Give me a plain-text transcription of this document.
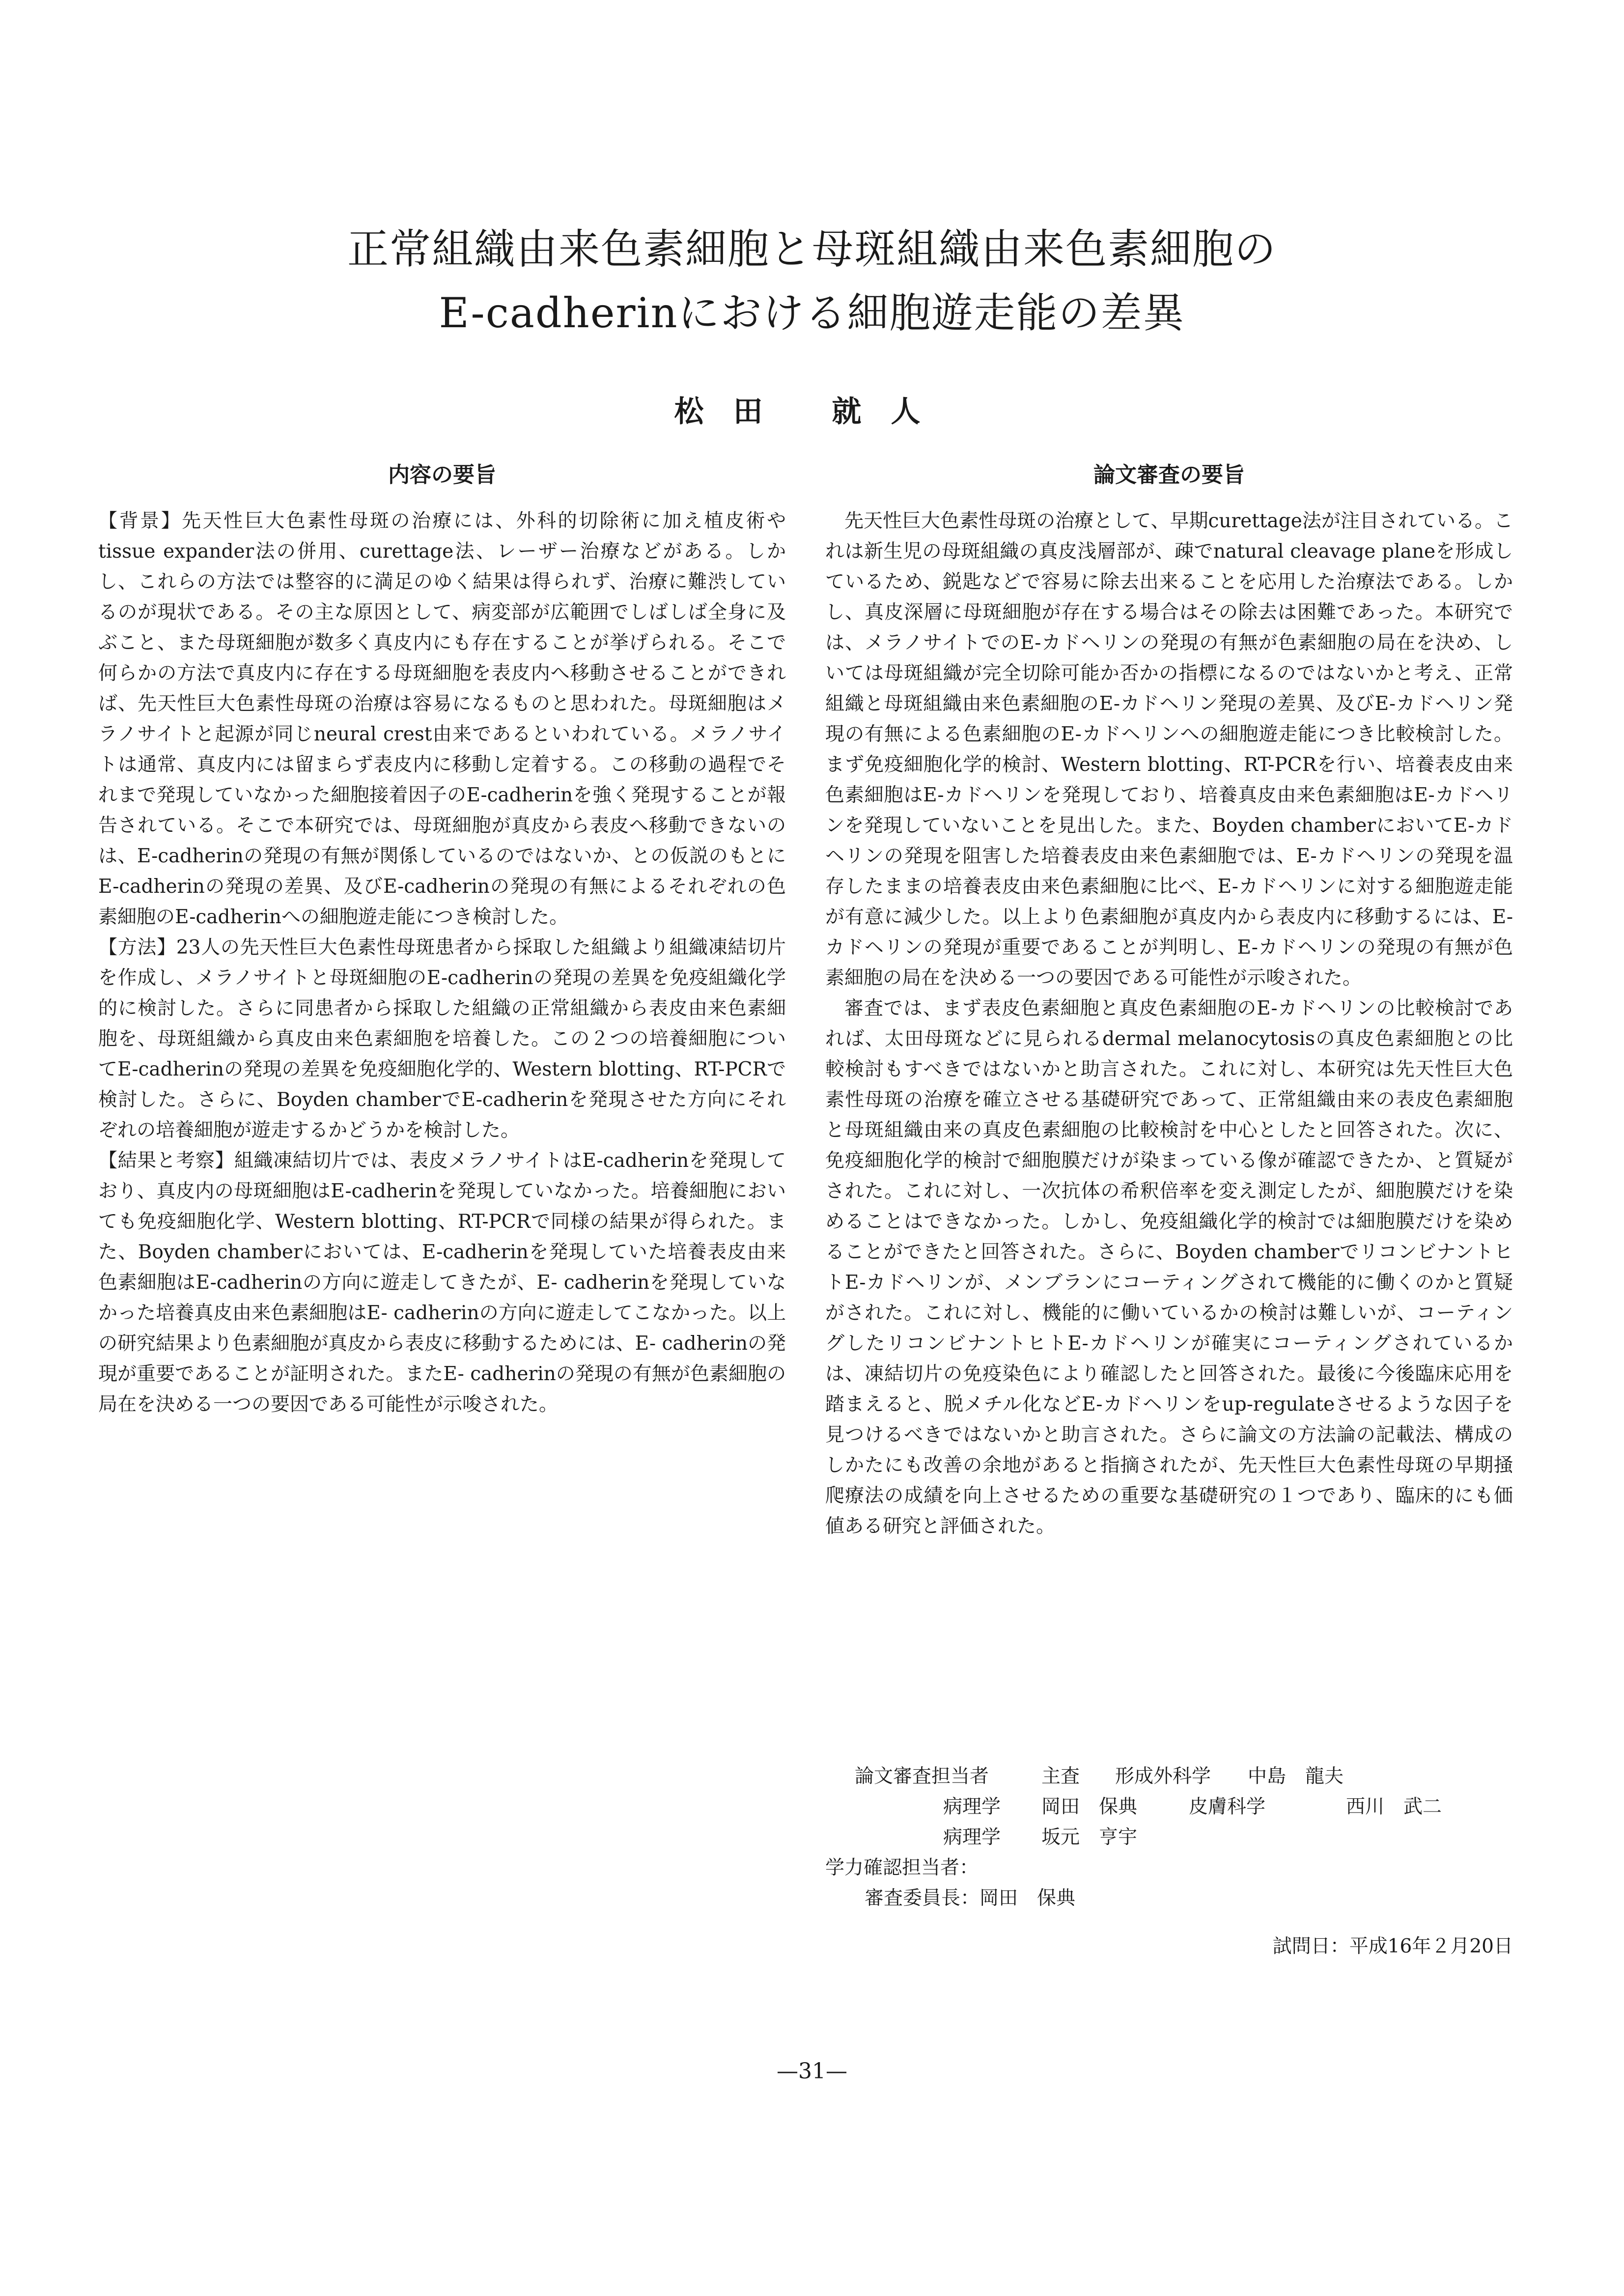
正常組織由来色素細胞と母斑組織由来色素細胞の
E-cadherinにおける細胞遊走能の差異
松田 就人
内容の要旨	論文審査の要旨

【背景】先天性巨大色素性母斑の治療には、外科的切除術に加え植皮術やtissue expander法の併用、curettage法、レーザー治療などがある。しかし、これらの方法では整容的に満足のゆく結果は得られず、治療に難渋しているのが現状である。その主な原因として、病変部が広範囲でしばしば全身に及ぶこと、また母斑細胞が数多く真皮内にも存在することが挙げられる。そこで何らかの方法で真皮内に存在する母斑細胞を表皮内へ移動させることができれば、先天性巨大色素性母斑の治療は容易になるものと思われた。母斑細胞はメラノサイトと起源が同じneural crest由来であるといわれている。メラノサイトは通常、真皮内には留まらず表皮内に移動し定着する。この移動の過程でそれまで発現していなかった細胞接着因子のE-cadherinを強く発現することが報告されている。そこで本研究では、母斑細胞が真皮から表皮へ移動できないのは、E-cadherinの発現の有無が関係しているのではないか、との仮説のもとにE-cadherinの発現の差異、及びE-cadherinの発現の有無によるそれぞれの色素細胞のE-cadherinへの細胞遊走能につき検討した。

【方法】23人の先天性巨大色素性母斑患者から採取した組織より組織凍結切片を作成し、メラノサイトと母斑細胞のE-cadherinの発現の差異を免疫組織化学的に検討した。さらに同患者から採取した組織の正常組織から表皮由来色素細胞を、母斑組織から真皮由来色素細胞を培養した。この２つの培養細胞についてE-cadherinの発現の差異を免疫細胞化学的、Western blotting、RT-PCRで検討した。さらに、Boyden chamberでE-cadherinを発現させた方向にそれぞれの培養細胞が遊走するかどうかを検討した。

【結果と考察】組織凍結切片では、表皮メラノサイトはE-cadherinを発現しており、真皮内の母斑細胞はE-cadherinを発現していなかった。培養細胞においても免疫細胞化学、Western blotting、RT-PCRで同様の結果が得られた。また、Boyden chamberにおいては、E-cadherinを発現していた培養表皮由来色素細胞はE-cadherinの方向に遊走してきたが、E- cadherinを発現していなかった培養真皮由来色素細胞はE- cadherinの方向に遊走してこなかった。以上の研究結果より色素細胞が真皮から表皮に移動するためには、E- cadherinの発現が重要であることが証明された。またE- cadherinの発現の有無が色素細胞の局在を決める一つの要因である可能性が示唆された。

先天性巨大色素性母斑の治療として、早期curettage法が注目されている。これは新生児の母斑組織の真皮浅層部が、疎でnatural cleavage planeを形成しているため、鋭匙などで容易に除去出来ることを応用した治療法である。しかし、真皮深層に母斑細胞が存在する場合はその除去は困難であった。本研究では、メラノサイトでのE-カドヘリンの発現の有無が色素細胞の局在を決め、しいては母斑組織が完全切除可能か否かの指標になるのではないかと考え、正常組織と母斑組織由来色素細胞のE-カドヘリン発現の差異、及びE-カドヘリン発現の有無による色素細胞のE-カドヘリンへの細胞遊走能につき比較検討した。まず免疫細胞化学的検討、Western blotting、RT-PCRを行い、培養表皮由来色素細胞はE-カドヘリンを発現しており、培養真皮由来色素細胞はE-カドヘリンを発現していないことを見出した。また、Boyden chamberにおいてE-カドヘリンの発現を阻害した培養表皮由来色素細胞では、E-カドヘリンの発現を温存したままの培養表皮由来色素細胞に比べ、E-カドヘリンに対する細胞遊走能が有意に減少した。以上より色素細胞が真皮内から表皮内に移動するには、E-カドヘリンの発現が重要であることが判明し、E-カドヘリンの発現の有無が色素細胞の局在を決める一つの要因である可能性が示唆された。

審査では、まず表皮色素細胞と真皮色素細胞のE-カドヘリンの比較検討であれば、太田母斑などに見られるdermal melanocytosisの真皮色素細胞との比較検討もすべきではないかと助言された。これに対し、本研究は先天性巨大色素性母斑の治療を確立させる基礎研究であって、正常組織由来の表皮色素細胞と母斑組織由来の真皮色素細胞の比較検討を中心としたと回答された。次に、免疫細胞化学的検討で細胞膜だけが染まっている像が確認できたか、と質疑がされた。これに対し、一次抗体の希釈倍率を変え測定したが、細胞膜だけを染めることはできなかった。しかし、免疫組織化学的検討では細胞膜だけを染めることができたと回答された。さらに、Boyden chamberでリコンビナントヒトE-カドヘリンが、メンブランにコーティングされて機能的に働くのかと質疑がされた。これに対し、機能的に働いているかの検討は難しいが、コーティングしたリコンビナントヒトE-カドヘリンが確実にコーティングされているかは、凍結切片の免疫染色により確認したと回答された。最後に今後臨床応用を踏まえると、脱メチル化などE-カドヘリンをup-regulateさせるような因子を見つけるべきではないかと助言された。さらに論文の方法論の記載法、構成のしかたにも改善の余地があると指摘されたが、先天性巨大色素性母斑の早期掻爬療法の成績を向上させるための重要な基礎研究の１つであり、臨床的にも価値ある研究と評価された。

論文審査担当者	主査 形成外科学 中島　龍夫
病理学 岡田　保典	皮膚科学	西川　武二
病理学 坂元　亨宇
学力確認担当者：
審査委員長：岡田　保典
試問日：平成16年２月20日
—31—
